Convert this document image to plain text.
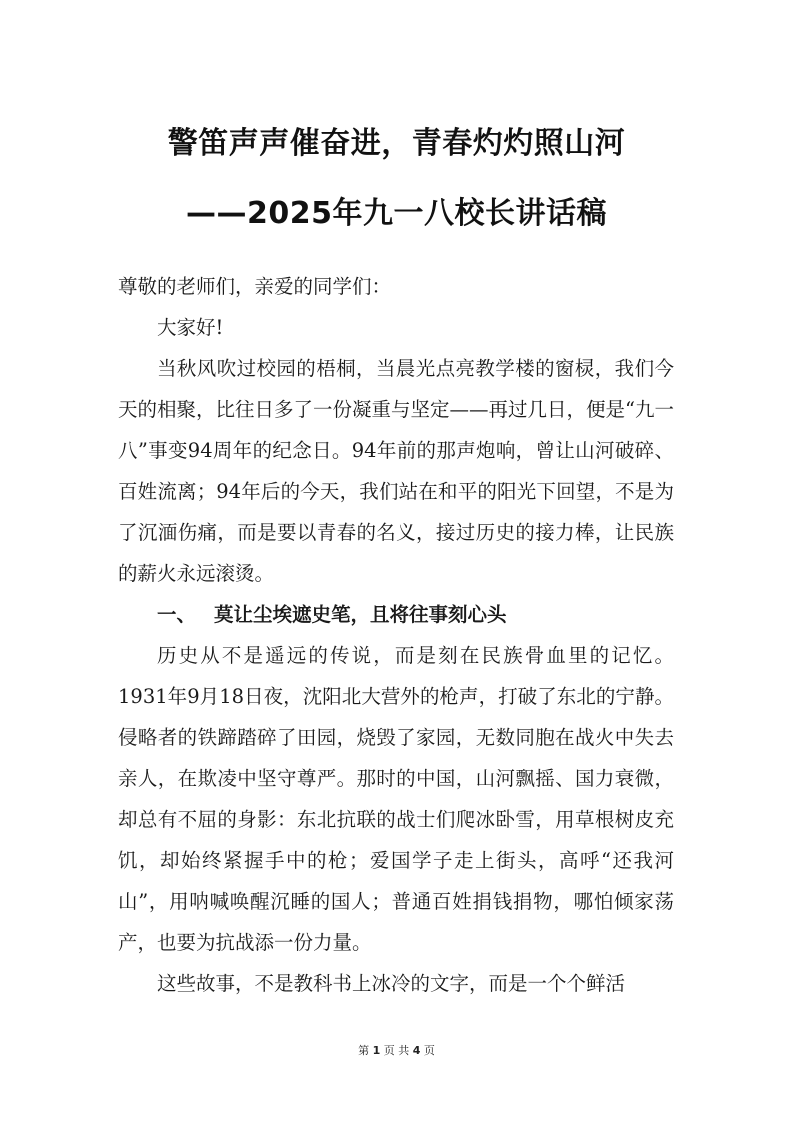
警笛声声催奋进，青春灼灼照山河
——2025年九一八校长讲话稿

尊敬的老师们，亲爱的同学们：

大家好!

当秋风吹过校园的梧桐，当晨光点亮教学楼的窗棂，我们今天的相聚，比往日多了一份凝重与坚定——再过几日，便是“九一八”事变94周年的纪念日。94年前的那声炮响，曾让山河破碎、百姓流离；94年后的今天，我们站在和平的阳光下回望，不是为了沉湎伤痛，而是要以青春的名义，接过历史的接力棒，让民族的薪火永远滚烫。

一、 莫让尘埃遮史笔，且将往事刻心头

历史从不是遥远的传说，而是刻在民族骨血里的记忆。1931年9月18日夜，沈阳北大营外的枪声，打破了东北的宁静。侵略者的铁蹄踏碎了田园，烧毁了家园，无数同胞在战火中失去亲人，在欺凌中坚守尊严。那时的中国，山河飘摇、国力衰微，却总有不屈的身影：东北抗联的战士们爬冰卧雪，用草根树皮充饥，却始终紧握手中的枪；爱国学子走上街头，高呼“还我河山”，用呐喊唤醒沉睡的国人；普通百姓捐钱捐物，哪怕倾家荡产，也要为抗战添一份力量。

这些故事，不是教科书上冰冷的文字，而是一个个鲜活

第 1 页 共 4 页
